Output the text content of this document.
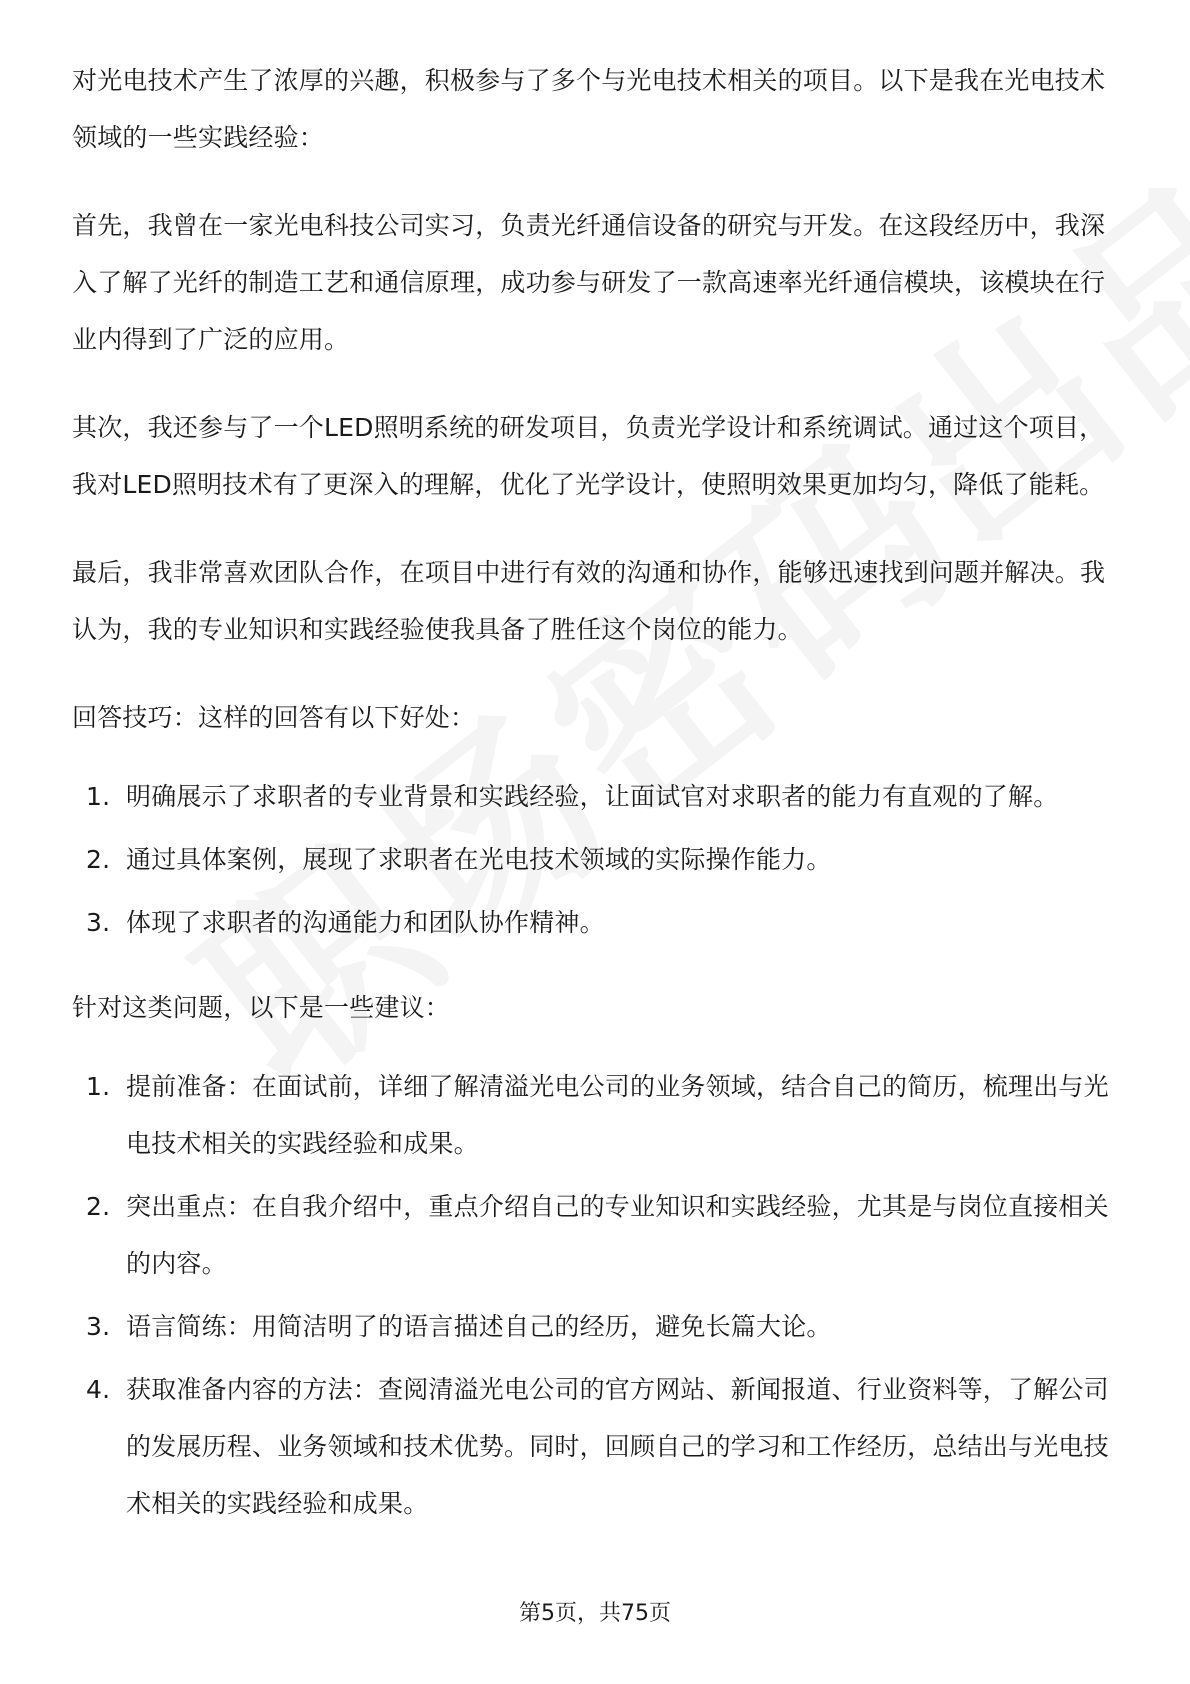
对光电技术产生了浓厚的兴趣，积极参与了多个与光电技术相关的项目。以下是我在光电技术领域的一些实践经验：

首先，我曾在一家光电科技公司实习，负责光纤通信设备的研究与开发。在这段经历中，我深入了解了光纤的制造工艺和通信原理，成功参与研发了一款高速率光纤通信模块，该模块在行业内得到了广泛的应用。

其次，我还参与了一个LED照明系统的研发项目，负责光学设计和系统调试。通过这个项目，我对LED照明技术有了更深入的理解，优化了光学设计，使照明效果更加均匀，降低了能耗。

最后，我非常喜欢团队合作，在项目中进行有效的沟通和协作，能够迅速找到问题并解决。我认为，我的专业知识和实践经验使我具备了胜任这个岗位的能力。

回答技巧：这样的回答有以下好处：

1. 明确展示了求职者的专业背景和实践经验，让面试官对求职者的能力有直观的了解。
2. 通过具体案例，展现了求职者在光电技术领域的实际操作能力。
3. 体现了求职者的沟通能力和团队协作精神。

针对这类问题，以下是一些建议：

1. 提前准备：在面试前，详细了解清溢光电公司的业务领域，结合自己的简历，梳理出与光电技术相关的实践经验和成果。
2. 突出重点：在自我介绍中，重点介绍自己的专业知识和实践经验，尤其是与岗位直接相关的内容。
3. 语言简练：用简洁明了的语言描述自己的经历，避免长篇大论。
4. 获取准备内容的方法：查阅清溢光电公司的官方网站、新闻报道、行业资料等，了解公司的发展历程、业务领域和技术优势。同时，回顾自己的学习和工作经历，总结出与光电技术相关的实践经验和成果。
第5页，共75页
